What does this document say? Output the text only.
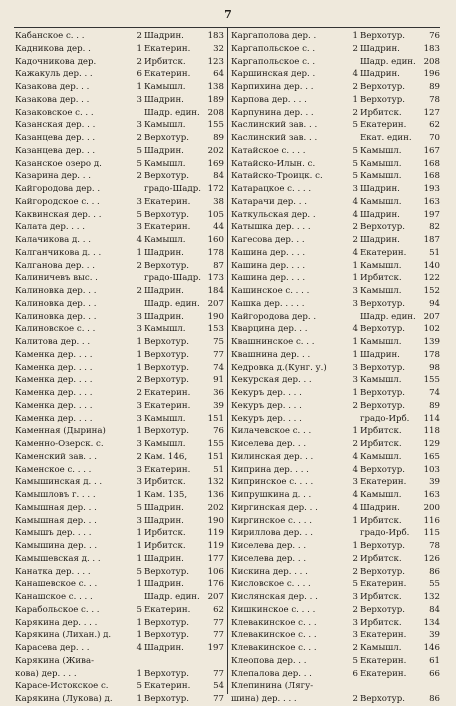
7
Кабанское с. . .	2 Шадрин.	183
Кадникова дер. .	1 Екатерин.	32
Кадочникова дер.	2 Ирбитск.	123
Кажакуль дер. . .	6 Екатерин.	64
Казакова дер. . .	1 Камышл.	138
Казакова дер. . .	3 Шадрин.	189
Казаковское с. . .	Шадр. един. 208
Казанская дер. . .	3 Камышл.	155
Казанцева дер. . .	2 Верхотур.	89
Казанцева дер. . .	5 Шадрин.	202
Казанское озеро д.	5 Камышл.	169
Казарина дер. . .	2 Верхотур.	84
Кайгородова дер. .	градо-Шадр. 172
Кайгородское с. . .	3 Екатерин.	38
Кaквинская дер. . .	5 Верхотур.	105
Калата дер. . . .	3 Екатерин.	44
Калачикова д. . .	4 Камышл.	160
Калганчикова д. . .	1 Шадрин.	178
Калганова дер. . .	2 Верхотур.	87
Калиничевъ выс. .	градо-Шадр. 173
Калиновка дер. . .	2 Шадрин.	184
Калиновка дер. . .	Шадр. един. 207
Калиновка дер. . .	3 Шадрин.	190
Калиновское с. . .	3 Камышл.	153
Калитова дер. . .	1 Верхотур.	75
Каменка дер. . . .	1 Верхотур.	77
Каменка дер. . . .	1 Верхотур.	74
Каменка дер. . . .	2 Верхотур.	91
Каменка дер. . . .	2 Екатерин.	36
Каменка дер. . . .	3 Екатерин.	39
Каменка дер. . . .	3 Камышл.	151
Каменная (Дырина)	1 Верхотур.	76
Каменно-Озерск. с.	3 Камышл.	155
Каменский зав. . .	2 Кам. 146,	151
Каменское с. . . .	3 Екатерин.	51
Камышинская д. . .	3 Ирбитск.	132
Камышловъ г. . . .	1 Кам. 135,	136
Камышная дер. . .	5 Шадрин.	202
Камышная дер. . .	3 Шадрин.	190
Камышъ дер. . . .	1 Ирбитск.	119
Камышина дер. . .	1 Ирбитск.	119
Камышевская д. . .	1 Шадрин.	177
Канатка дер. . . .	5 Верхотур.	106
Канашевское с. . .	1 Шадрин.	176
Канашское с. . . .	Шадр. един. 207
Карабольское с. . .	5 Екатерин.	62
Карякина дер. . . .	1 Верхотур.	77
Карякина (Лихан.) д.	1 Верхотур.	77
Карасева дер. . .	4 Шадрин.	197
Карякина (Жива-
кова) дер. . . .	1 Верхотур.	77
Карасе-Истокское с.	5 Екатерин.	54
Карякина (Лукова) д.	1 Верхотур.	77
Каргаполова дер. .	1 Верхотур.	76
Каргапольское с. .	2 Шадрин.	183
Каргапольское с. .	Шадр. един. 208
Каршинская дер. .	4 Шадрин.	196
Карпихина дер. . .	2 Верхотур.	89
Карпова дер. . . .	1 Верхотур.	78
Карпунина дер. . .	2 Ирбитск.	127
Каслинский зав. . .	5 Екатерин.	62
Каслинский зав. . .	Екат. един.	70
Катайское с. . . .	5 Камышл.	167
Катайско-Илын. с.	5 Камышл.	168
Катайско-Троицк. с.	5 Камышл.	168
Катарацкое с. . . .	3 Шадрин.	193
Катарачи дер. . .	4 Камышл.	163
Каткульская дер. .	4 Шадрин.	197
Катышка дер. . . .	2 Верхотур.	82
Кагесова дер. . .	2 Шадрин.	187
Кашина дер. . . .	4 Екатерин.	51
Кашина дер. . . .	1 Камышл.	140
Кашина дер. . . .	1 Ирбитск.	122
Кашинское с. . . .	3 Камышл.	152
Кашка дер. . . . .	3 Верхотур.	94
Кайгородова дер. .	Шадр. един. 207
Кварцина дер. . .	4 Верхотур.	102
Квашнинское с. . .	1 Камышл.	139
Квашнина дер. . .	1 Шадрин.	178
Кедровка д.(Кунг. у.)	3 Верхотур.	98
Кекурская дер. . .	3 Камышл.	155
Кекуръ дер. . . .	1 Верхотур.	74
Кекуръ дер. . . .	2 Верхотур.	89
Кекуръ дер. . . .	градо-Ирб.	114
Килачевское с. . .	1 Ирбитск.	118
Киселева дер. . .	2 Ирбитск.	129
Килинская дер. . .	4 Камышл.	165
Киприна дер. . . .	4 Верхотур.	103
Кипринское с. . . .	3 Екатерин.	39
Кипрушкина д. . .	4 Камышл.	163
Киргинская дер. . .	4 Шадрин.	200
Киргинское с. . . .	1 Ирбитск.	116
Кириллова дер. . .	градо-Ирб.	115
Киселева дер. . .	1 Верхотур.	78
Киселева дер. . .	2 Ирбитск.	126
Кискина дер. . . .	2 Верхотур.	86
Кисловское с. . . .	5 Екатерин.	55
Кислянская дер. . .	3 Ирбитск.	132
Кишкинское с. . . .	2 Верхотур.	84
Клевакинское с. . .	3 Ирбитск.	134
Клевакинское с. . .	3 Екатерин.	39
Клевакинское с. . .	2 Камышл.	146
Клеопова дер. . .	5 Екатерин.	61
Клепалова дер. . .	6 Екатерин.	66
Клепинина (Лягу-
шина) дер. . . .	2 Верхотур.	86
